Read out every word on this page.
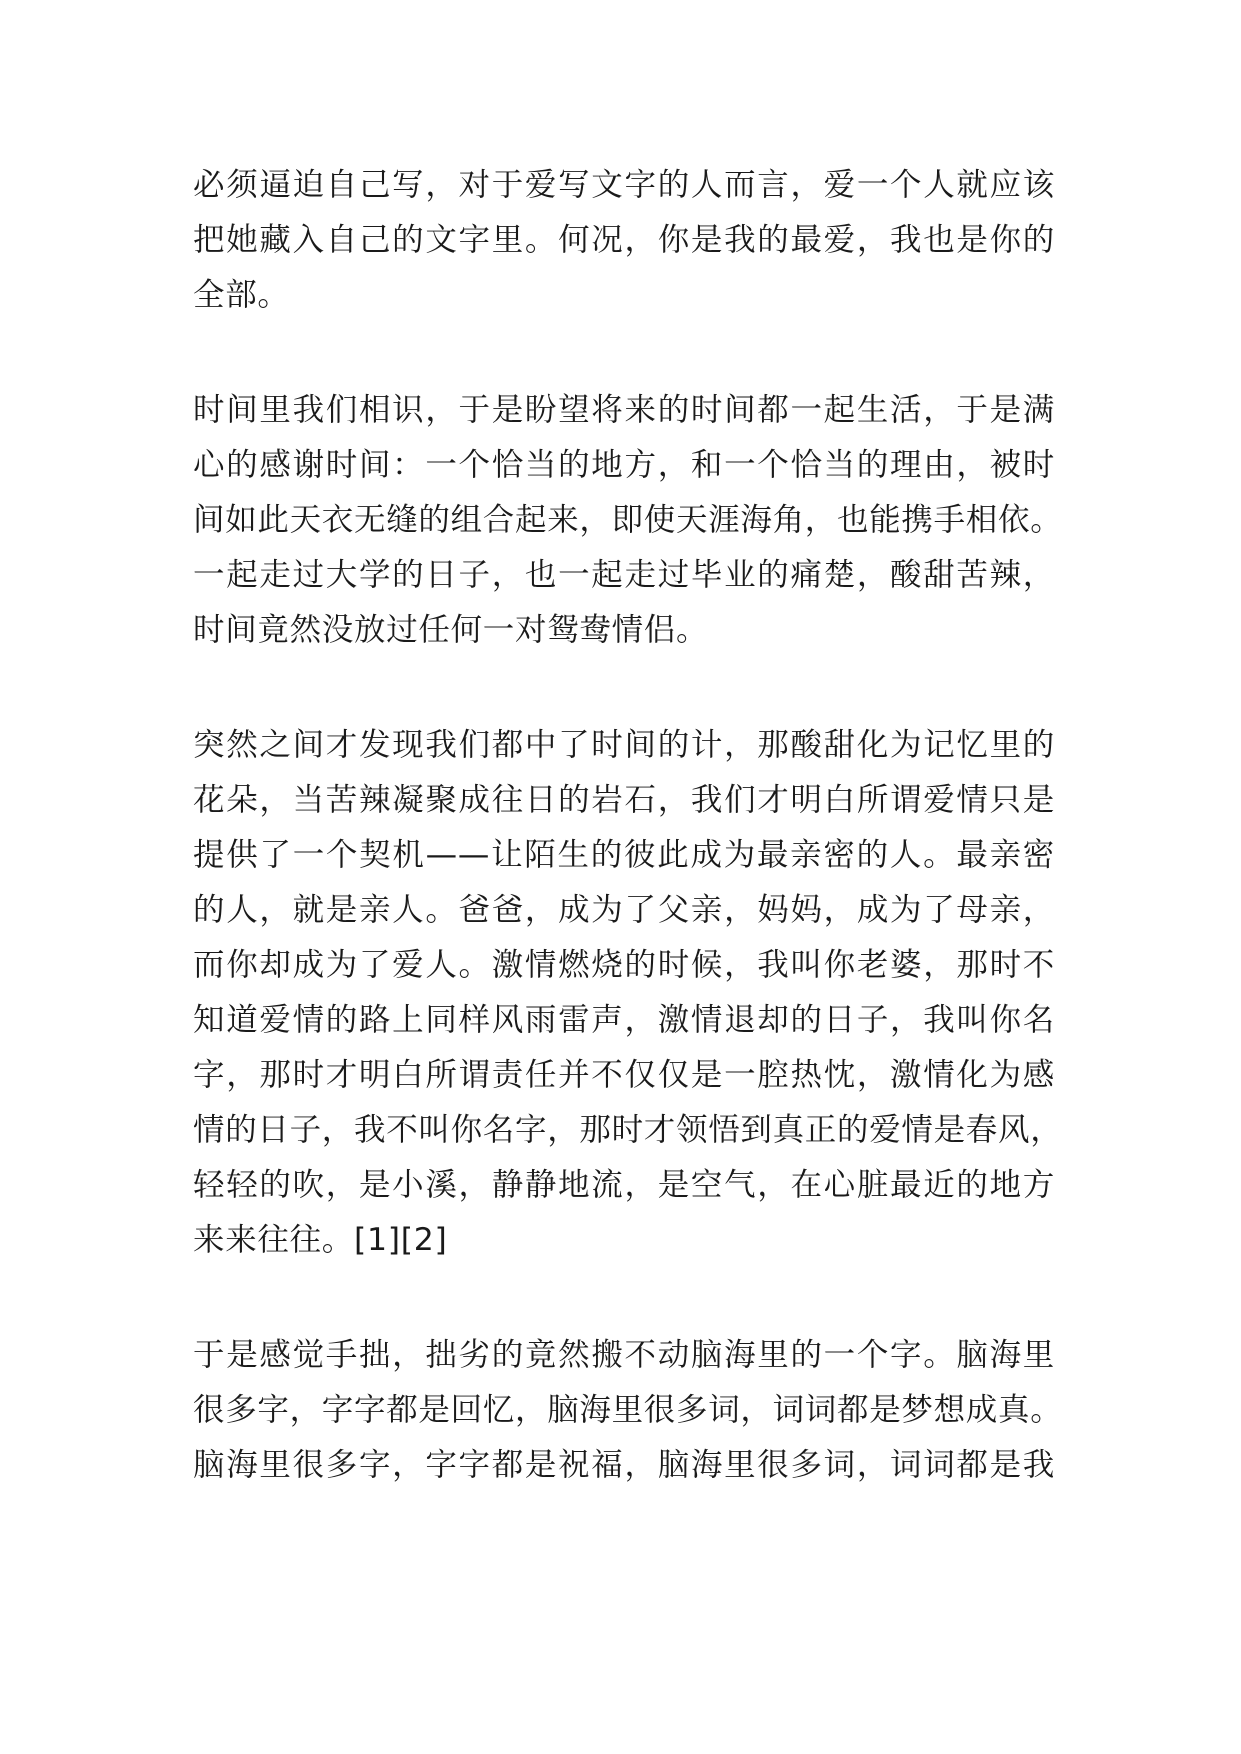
必须逼迫自己写，对于爱写文字的人而言，爱一个人就应该
把她藏入自己的文字里。何况，你是我的最爱，我也是你的
全部。
时间里我们相识，于是盼望将来的时间都一起生活，于是满
心的感谢时间：一个恰当的地方，和一个恰当的理由，被时
间如此天衣无缝的组合起来，即使天涯海角，也能携手相依。
一起走过大学的日子，也一起走过毕业的痛楚，酸甜苦辣，
时间竟然没放过任何一对鸳鸯情侣。
突然之间才发现我们都中了时间的计，那酸甜化为记忆里的
花朵，当苦辣凝聚成往日的岩石，我们才明白所谓爱情只是
提供了一个契机——让陌生的彼此成为最亲密的人。最亲密
的人，就是亲人。爸爸，成为了父亲，妈妈，成为了母亲，
而你却成为了爱人。激情燃烧的时候，我叫你老婆，那时不
知道爱情的路上同样风雨雷声，激情退却的日子，我叫你名
字，那时才明白所谓责任并不仅仅是一腔热忱，激情化为感
情的日子，我不叫你名字，那时才领悟到真正的爱情是春风，
轻轻的吹，是小溪，静静地流，是空气，在心脏最近的地方
来来往往。[1][2]
于是感觉手拙，拙劣的竟然搬不动脑海里的一个字。脑海里
很多字，字字都是回忆，脑海里很多词，词词都是梦想成真。
脑海里很多字，字字都是祝福，脑海里很多词，词词都是我
